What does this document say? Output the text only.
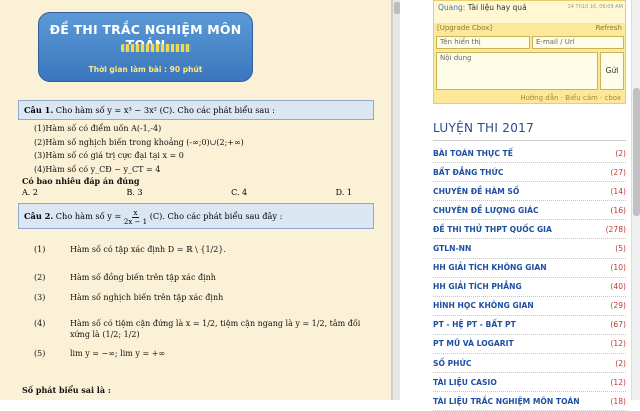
ĐỀ THI TRẮC NGHIỆM MÔN
Thời gian làm bài : 90 phút
Câu 1. Cho hàm số y = x³ − 3x² (C). Cho các phát biểu sau :
(1)Hàm số có điểm uốn A(-1,-4)
(2)Hàm số nghịch biến trong khoảng (-∞;0)∪(2;+∞)
(3)Hàm số có giá trị cực đại tại x = 0
(4)Hàm số có y_CĐ − y_CT = 4
Có bao nhiêu đáp án đúng
A. 2	B. 3	C. 4	D. 1
Câu 2. Cho hàm số $y = \frac{x}{2x - 1} (C)$. Cho các phát biểu sau đây :
(1)	Hàm số có tập xác định D = ℝ \ {1/2}.
(2)	Hàm số đồng biến trên tập xác định
(3)	Hàm số nghịch biến trên tập xác định
(4)	Hàm số có tiệm cận đứng là x = 1/2, tiệm cận ngang là y = 1/2, tâm đối xứng là (1/2; 1/2)
(5)	lim y = −∞; lim y = +∞
Số phát biểu sai là :
24 Th10 16, 06:09 AM
Quang: Tài liệu hay quá
[Upgrade Cbox]	Refresh
Tên hiển thị	E-mail / Url
Nội dung
Gửi
Hướng dẫn · Biểu cảm · cbox
LUYỆN THI 2017
BÀI TOÁN THỰC TẾ	(2)
BẤT ĐẲNG THỨC	(27)
CHUYÊN ĐỀ HÀM SỐ	(14)
CHUYÊN ĐỀ LƯỢNG GIÁC	(16)
ĐỀ THI THỬ THPT QUỐC GIA	(278)
GTLN-NN	(5)
HH GIẢI TÍCH KHÔNG GIAN	(10)
HH GIẢI TÍCH PHẲNG	(40)
HÌNH HỌC KHÔNG GIAN	(29)
PT - HỆ PT - BẤT PT	(67)
PT MŨ VÀ LOGARIT	(12)
SỐ PHỨC	(2)
TÀI LIỆU CASIO	(12)
TÀI LIỆU TRẮC NGHIỆM MÔN TOÁN	(18)
